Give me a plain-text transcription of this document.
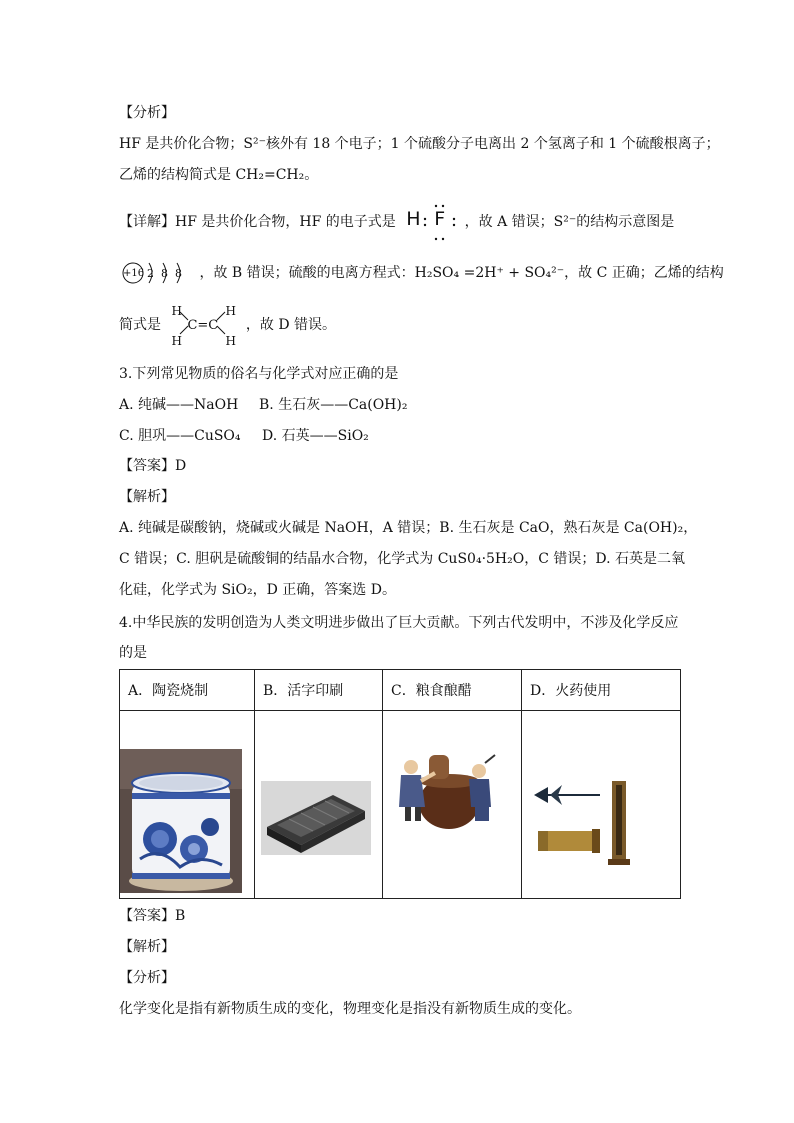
【分析】
HF 是共价化合物；S²⁻核外有 18 个电子；1 个硫酸分子电离出 2 个氢离子和 1 个硫酸根离子；
乙烯的结构简式是 CH₂=CH₂。
【详解】HF 是共价化合物，HF 的电子式是 H F ，故 A 错误；S²⁻的结构示意图是
+16 2 8 8 ，故 B 错误；硫酸的电离方程式：H₂SO₄ =2H⁺ + SO₄²⁻，故 C 正确；乙烯的结构
简式是
H
H
C=C
H
H
，故 D 错误。
3.下列常见物质的俗名与化学式对应正确的是
A. 纯碱——NaOH B. 生石灰——Ca(OH)₂
C. 胆巩——CuSO₄ D. 石英——SiO₂
【答案】D
【解析】
A. 纯碱是碳酸钠，烧碱或火碱是 NaOH，A 错误；B. 生石灰是 CaO，熟石灰是 Ca(OH)₂，
C 错误；C. 胆矾是硫酸铜的结晶水合物，化学式为 CuS0₄·5H₂O，C 错误；D. 石英是二氧
化硅，化学式为 SiO₂，D 正确，答案选 D。
4.中华民族的发明创造为人类文明进步做出了巨大贡献。下列古代发明中，不涉及化学反应
的是
A．陶瓷烧制	B．活字印刷	C．粮食酿醋	D．火药使用

【答案】B
【解析】
【分析】
化学变化是指有新物质生成的变化，物理变化是指没有新物质生成的变化。
